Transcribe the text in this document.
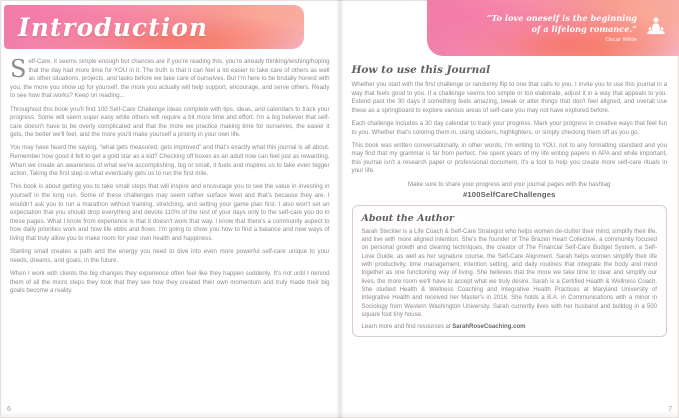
Introduction

Self-Care, it seems simple enough but chances are if you're reading this, you're already thinking/wishing/hoping that the day had more time for YOU in it. The truth is that it can feel a lot easier to take care of others as well as other situations, projects, and tasks before we take care of ourselves. But I'm here to be brutally honest with you, the more you show up for yourself, the more you actually will help support, encourage, and serve others. Ready to see how that works? Keep on reading...

Throughout this book you'll find 100 Self-Care Challenge ideas complete with tips, ideas, and calendars to track your progress. Some will seem super easy while others will require a bit more time and effort. I'm a big believer that self-care doesn't have to be overly complicated and that the more we practice making time for ourselves, the easier it gets, the better we'll feel, and the more you'll make yourself a priority in your own life.

You may have heard the saying, “what gets measured, gets improved” and that's exactly what this journal is all about. Remember how good it felt to get a gold star as a kid? Checking off boxes as an adult now can feel just as rewarding. When we create an awareness of what we're accomplishing, big or small, it fuels and inspires us to take even bigger action. Taking the first step is what eventually gets us to run the first mile.

This book is about getting you to take small steps that will inspire and encourage you to see the value in investing in yourself in the long run. Some of these challenges may seem rather surface level and that's because they are. I wouldn't ask you to run a marathon without training, stretching, and setting your game plan first. I also won't set an expectation that you should drop everything and devote 110% of the rest of your days only to the self-care you do in these pages. What I know from experience is that it doesn't work that way. I know that there's a community aspect to how daily priorities work and how life ebbs and flows. I'm going to show you how to find a balance and new ways of living that truly allow you to make room for your own health and happiness.

Starting small creates a path and the energy you need to dive into even more powerful self-care unique to your needs, dreams, and goals, in the future.

When I work with clients the big changes they experience often feel like they happen suddenly. It's not until I remind them of all the micro steps they took that they see how they created their own momentum and truly made their big goals become a reality.

6
“To love oneself is the beginning of a lifelong romance.”
Oscar Wilde
How to use this Journal

Whether you start with the first challenge or randomly flip to one that calls to you, I invite you to use this journal in a way that feels good to you. If a challenge seems too simple or too elaborate, adjust it in a way that appeals to you. Extend past the 30 days if something feels amazing, tweak or alter things that don't feel aligned, and overall use these as a springboard to explore various areas of self-care you may not have explored before.

Each challenge includes a 30 day calendar to track your progress. Mark your progress in creative ways that feel fun to you. Whether that's coloring them in, using stickers, highlighters, or simply checking them off as you go.

This book was written conversationally, in other words, I'm writing to YOU, not to any formatting standard and you may find that my grammar is far from perfect. I've spent years of my life writing papers in APA and while important, this journal isn't a research paper or professional document, it's a tool to help you create more self-care rituals in your life.

Make sure to share your progress and your journal pages with the hashtag
#100SelfCareChallenges
About the Author
Sarah Steckler is a Life Coach & Self-Care Strategist who helps women de-clutter their mind, simplify their life, and live with more aligned intention. She's the founder of The Brazen Heart Collective, a community focused on personal growth and clearing techniques, the creator of The Financial Self-Care Budget System, a Self-Love Guide, as well as her signature course, the Self-Care Alignment. Sarah helps women simplify their life with productivity, time management, intention setting, and daily routines that integrate the body and mind together as one functioning way of living. She believes that the more we take time to clear and simplify our lives, the more room we'll have to accept what we truly desire. Sarah is a Certified Health & Wellness Coach. She studied Health & Wellness Coaching and Integrative Health Practices at Maryland University of Integrative Health and received her Master's in 2016. She holds a B.A. in Communications with a minor in Sociology from Western Washington University. Sarah currently lives with her husband and bulldog in a 500 square foot tiny house.
Learn more and find resources at SarahRoseCoaching.com
7
